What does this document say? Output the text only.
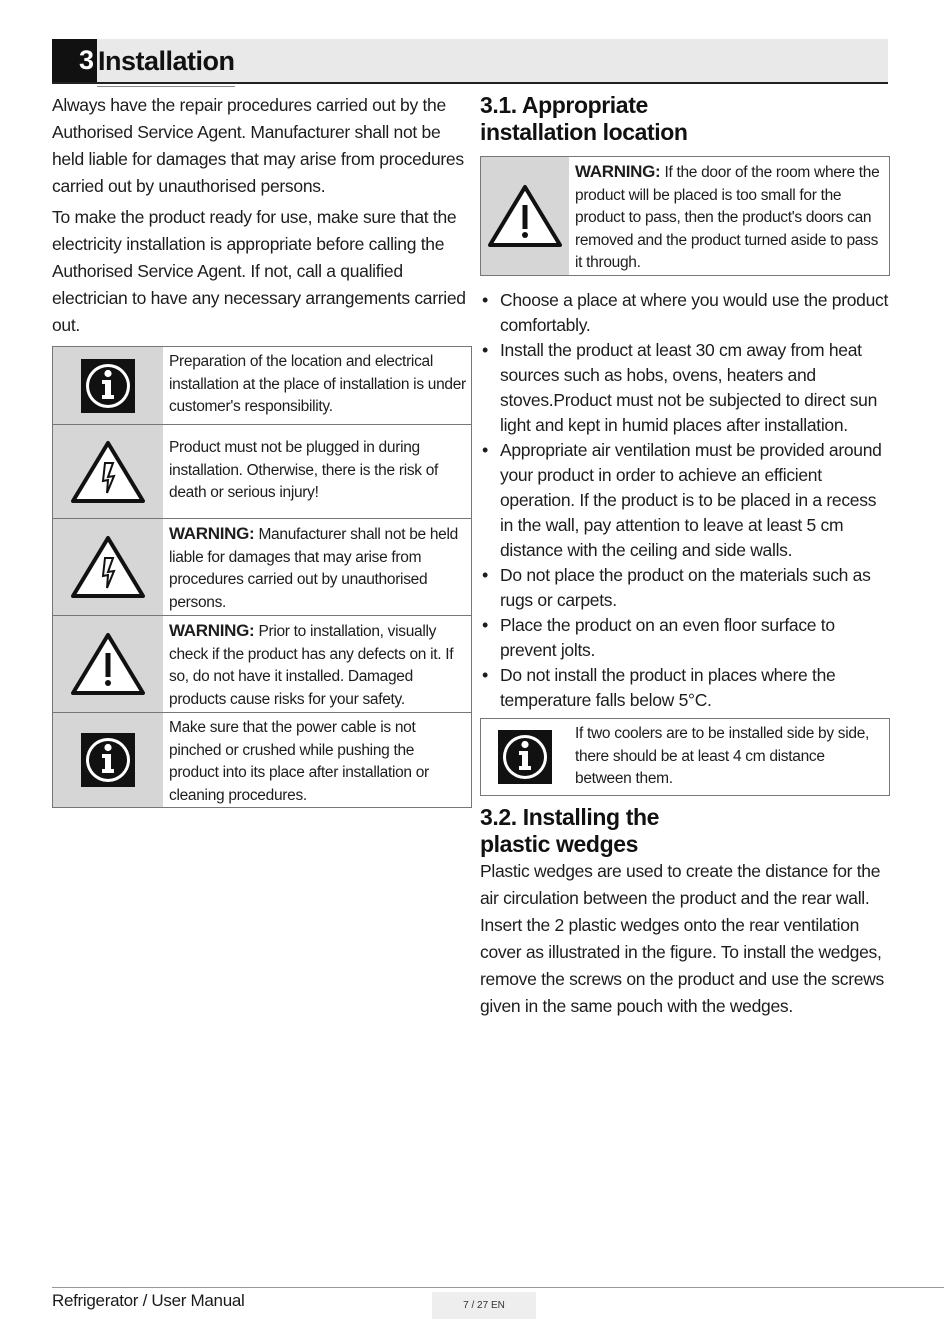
3 Installation

Always have the repair procedures carried out by the Authorised Service Agent. Manufacturer shall not be held liable for damages that may arise from procedures carried out by unauthorised persons.

To make the product ready for use, make sure that the electricity installation is appropriate before calling the Authorised Service Agent. If not, call a qualified electrician to have any necessary arrangements carried out.

Preparation of the location and electrical installation at the place of installation is under customer's responsibility.
Product must not be plugged in during installation. Otherwise, there is the risk of death or serious injury!
WARNING: Manufacturer shall not be held liable for damages that may arise from procedures carried out by unauthorised persons.
WARNING: Prior to installation, visually check if the product has any defects on it. If so, do not have it installed. Damaged products cause risks for your safety.
Make sure that the power cable is not pinched or crushed while pushing the product into its place after installation or cleaning procedures.
3.1. Appropriate
installation location
WARNING: If the door of the room where the product will be placed is too small for the product to pass, then the product's doors can removed and the product turned aside to pass it through.
• Choose a place at where you would use the product comfortably.
• Install the product at least 30 cm away from heat sources such as hobs, ovens, heaters and stoves.Product must not be subjected to direct sun light and kept in humid places after installation.
• Appropriate air ventilation must be provided around your product in order to achieve an efficient operation. If the product is to be placed in a recess in the wall, pay attention to leave at least 5 cm distance with the ceiling and side walls.
• Do not place the product on the materials such as rugs or carpets.
• Place the product on an even floor surface to prevent jolts.
• Do not install the product in places where the temperature falls below 5°C.
If two coolers are to be installed side by side, there should be at least 4 cm distance between them.
3.2. Installing the
plastic wedges

Plastic wedges are used to create the distance for the air circulation between the product and the rear wall. Insert the 2 plastic wedges onto the rear ventilation cover as illustrated in the figure. To install the wedges, remove the screws on the product and use the screws given in the same pouch with the wedges.

Refrigerator / User Manual	7 / 27 EN
